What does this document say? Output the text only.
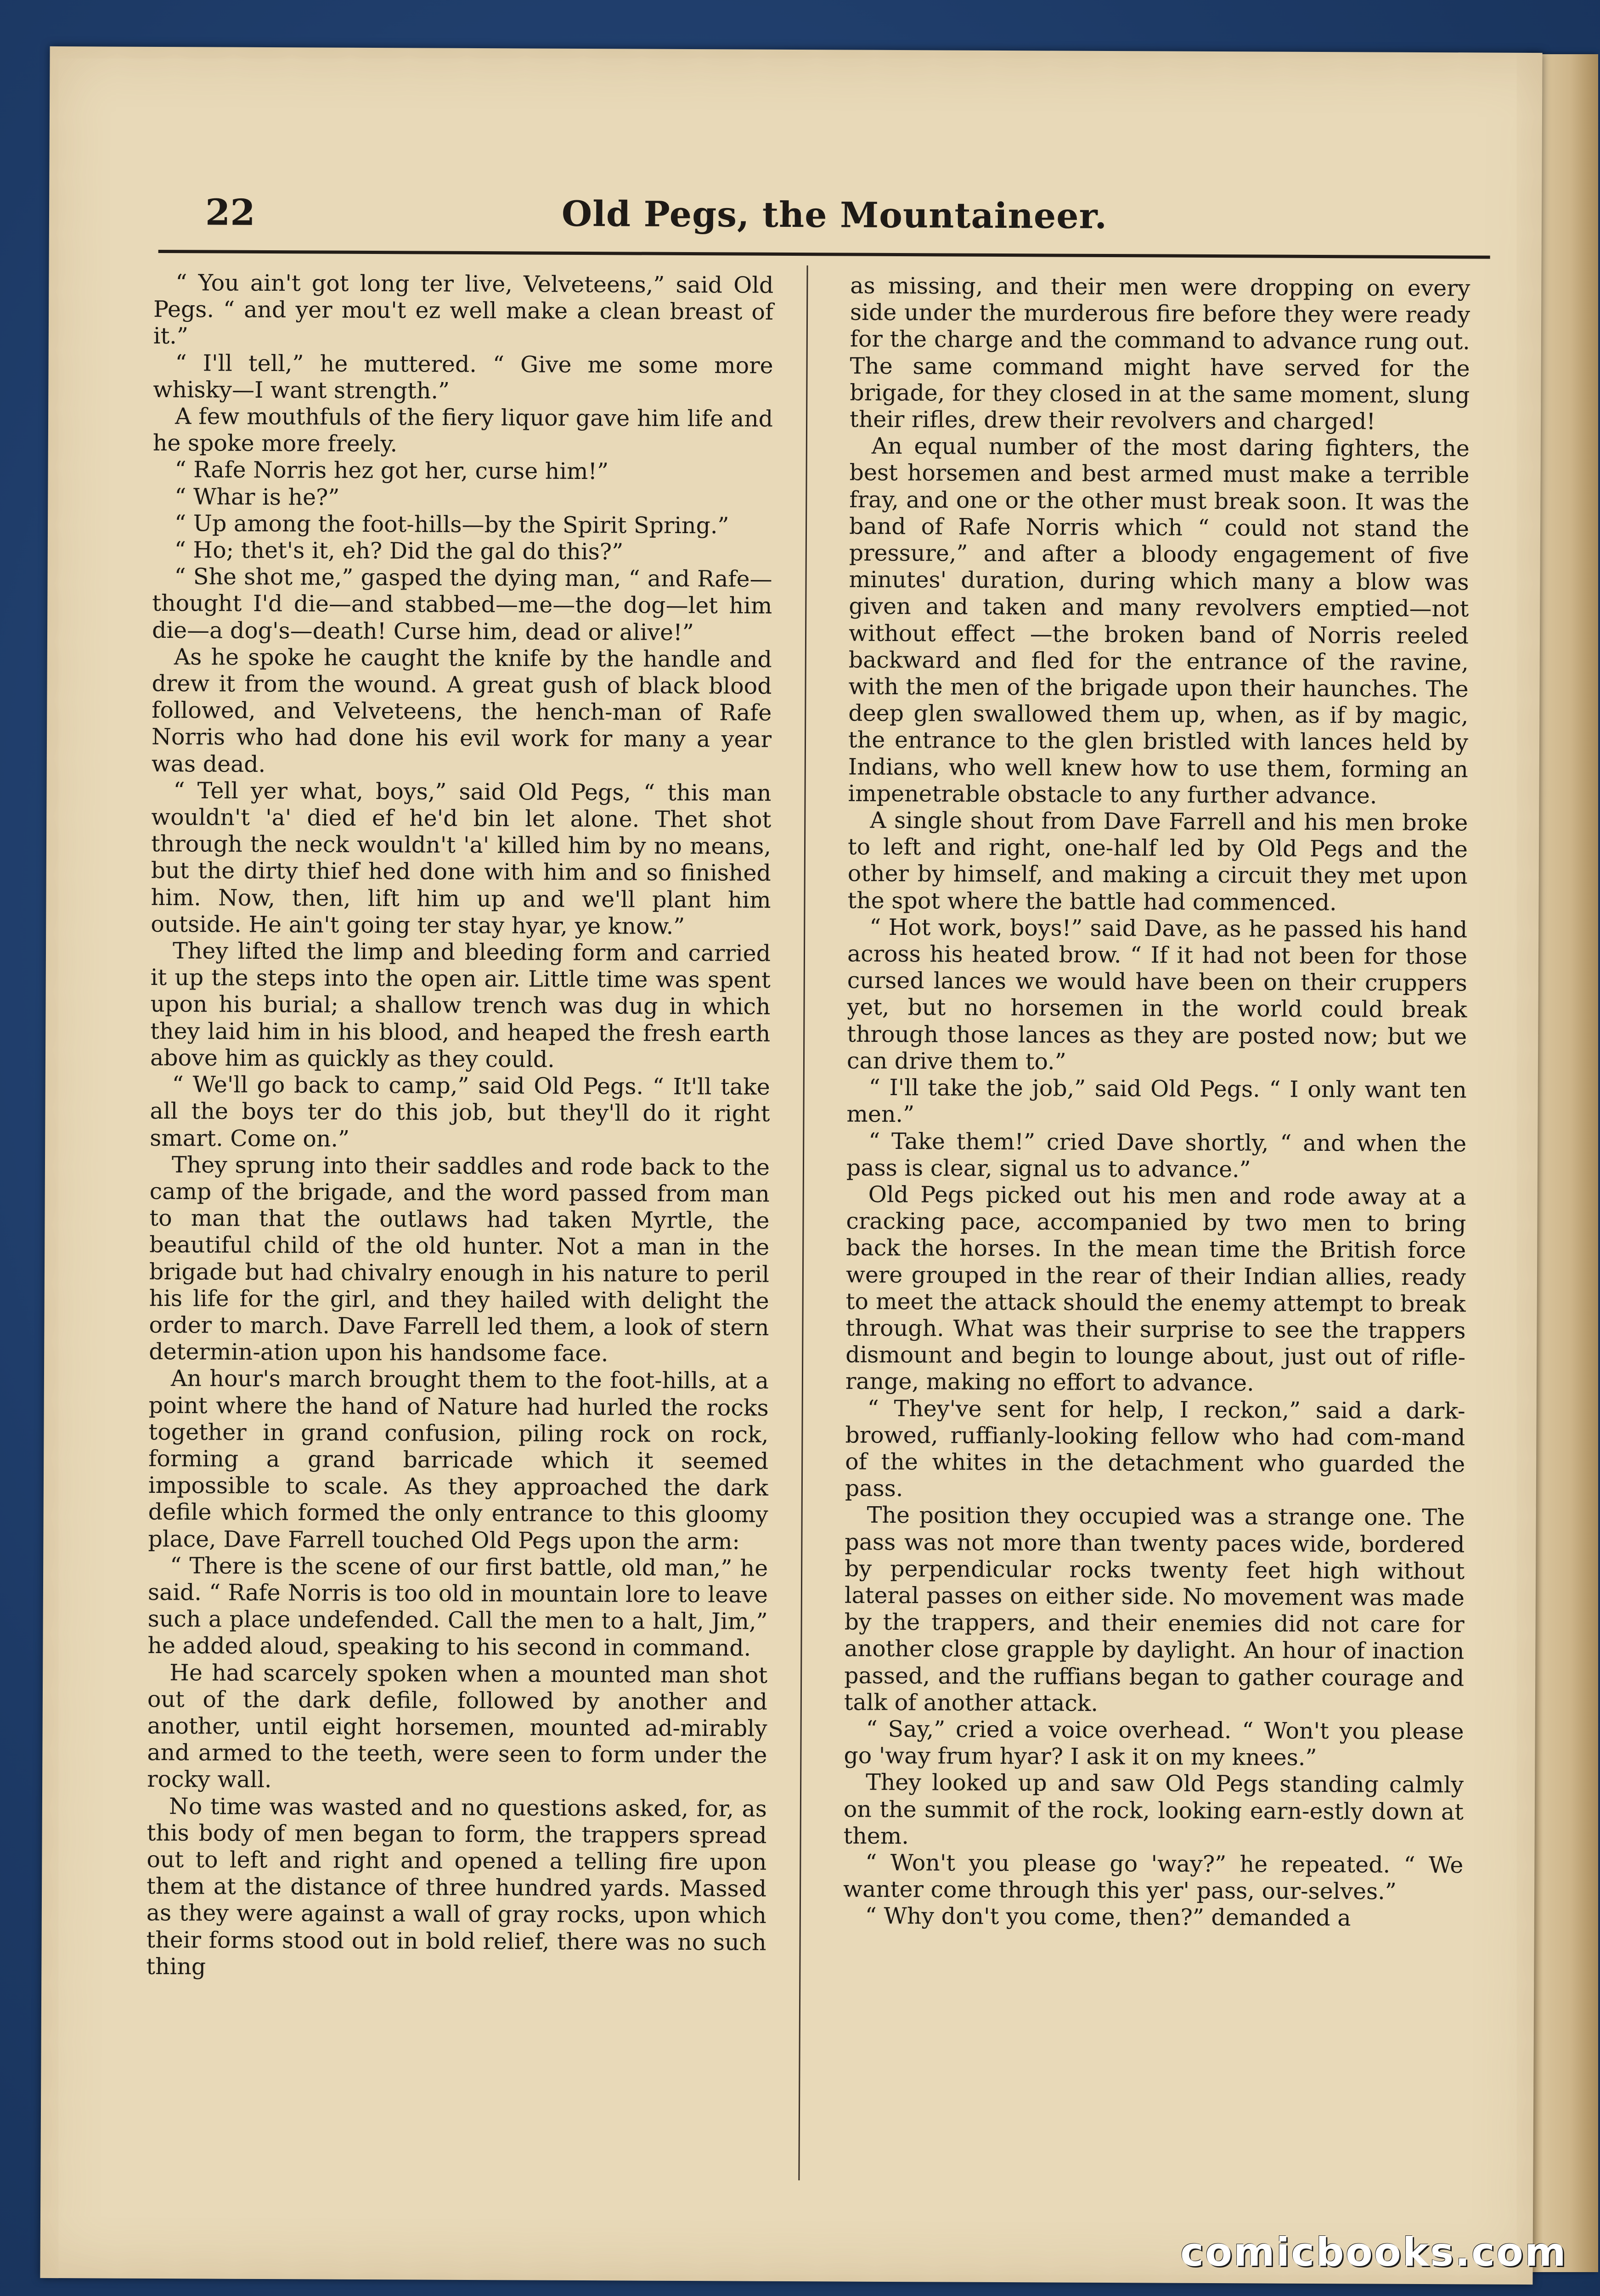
22	Old Pegs, the Mountaineer.

“ You ain't got long ter live, Velveteens,” said Old Pegs. “ and yer mou't ez well make a clean breast of it.”

“ I'll tell,” he muttered. “ Give me some more whisky—I want strength.”

A few mouthfuls of the fiery liquor gave him life and he spoke more freely.

“ Rafe Norris hez got her, curse him!”

“ Whar is he?”

“ Up among the foot-hills—by the Spirit Spring.”

“ Ho; thet's it, eh? Did the gal do this?”

“ She shot me,” gasped the dying man, “ and Rafe—thought I'd die—and stabbed—me—the dog—let him die—a dog's—death! Curse him, dead or alive!”

As he spoke he caught the knife by the handle and drew it from the wound. A great gush of black blood followed, and Velveteens, the hench-man of Rafe Norris who had done his evil work for many a year was dead.

“ Tell yer what, boys,” said Old Pegs, “ this man wouldn't 'a' died ef he'd bin let alone. Thet shot through the neck wouldn't 'a' killed him by no means, but the dirty thief hed done with him and so finished him. Now, then, lift him up and we'll plant him outside. He ain't going ter stay hyar, ye know.”

They lifted the limp and bleeding form and carried it up the steps into the open air. Little time was spent upon his burial; a shallow trench was dug in which they laid him in his blood, and heaped the fresh earth above him as quickly as they could.

“ We'll go back to camp,” said Old Pegs. “ It'll take all the boys ter do this job, but they'll do it right smart. Come on.”

They sprung into their saddles and rode back to the camp of the brigade, and the word passed from man to man that the outlaws had taken Myrtle, the beautiful child of the old hunter. Not a man in the brigade but had chivalry enough in his nature to peril his life for the girl, and they hailed with delight the order to march. Dave Farrell led them, a look of stern determin-ation upon his handsome face.

An hour's march brought them to the foot-hills, at a point where the hand of Nature had hurled the rocks together in grand confusion, piling rock on rock, forming a grand barricade which it seemed impossible to scale. As they approached the dark defile which formed the only entrance to this gloomy place, Dave Farrell touched Old Pegs upon the arm:

“ There is the scene of our first battle, old man,” he said. “ Rafe Norris is too old in mountain lore to leave such a place undefended. Call the men to a halt, Jim,” he added aloud, speaking to his second in command.

He had scarcely spoken when a mounted man shot out of the dark defile, followed by another and another, until eight horsemen, mounted ad-mirably and armed to the teeth, were seen to form under the rocky wall.

No time was wasted and no questions asked, for, as this body of men began to form, the trappers spread out to left and right and opened a telling fire upon them at the distance of three hundred yards. Massed as they were against a wall of gray rocks, upon which their forms stood out in bold relief, there was no such thing

as missing, and their men were dropping on every side under the murderous fire before they were ready for the charge and the command to advance rung out. The same command might have served for the brigade, for they closed in at the same moment, slung their rifles, drew their revolvers and charged!

An equal number of the most daring fighters, the best horsemen and best armed must make a terrible fray, and one or the other must break soon. It was the band of Rafe Norris which “ could not stand the pressure,” and after a bloody engagement of five minutes' duration, during which many a blow was given and taken and many revolvers emptied—not without effect —the broken band of Norris reeled backward and fled for the entrance of the ravine, with the men of the brigade upon their haunches. The deep glen swallowed them up, when, as if by magic, the entrance to the glen bristled with lances held by Indians, who well knew how to use them, forming an impenetrable obstacle to any further advance.

A single shout from Dave Farrell and his men broke to left and right, one-half led by Old Pegs and the other by himself, and making a circuit they met upon the spot where the battle had commenced.

“ Hot work, boys!” said Dave, as he passed his hand across his heated brow. “ If it had not been for those cursed lances we would have been on their cruppers yet, but no horsemen in the world could break through those lances as they are posted now; but we can drive them to.”

“ I'll take the job,” said Old Pegs. “ I only want ten men.”

“ Take them!” cried Dave shortly, “ and when the pass is clear, signal us to advance.”

Old Pegs picked out his men and rode away at a cracking pace, accompanied by two men to bring back the horses. In the mean time the British force were grouped in the rear of their Indian allies, ready to meet the attack should the enemy attempt to break through. What was their surprise to see the trappers dismount and begin to lounge about, just out of rifle-range, making no effort to advance.

“ They've sent for help, I reckon,” said a dark-browed, ruffianly-looking fellow who had com-mand of the whites in the detachment who guarded the pass.

The position they occupied was a strange one. The pass was not more than twenty paces wide, bordered by perpendicular rocks twenty feet high without lateral passes on either side. No movement was made by the trappers, and their enemies did not care for another close grapple by daylight. An hour of inaction passed, and the ruffians began to gather courage and talk of another attack.

“ Say,” cried a voice overhead. “ Won't you please go 'way frum hyar? I ask it on my knees.”

They looked up and saw Old Pegs standing calmly on the summit of the rock, looking earn-estly down at them.

“ Won't you please go 'way?” he repeated. “ We wanter come through this yer' pass, our-selves.”

“ Why don't you come, then?” demanded a

comicbooks.com
